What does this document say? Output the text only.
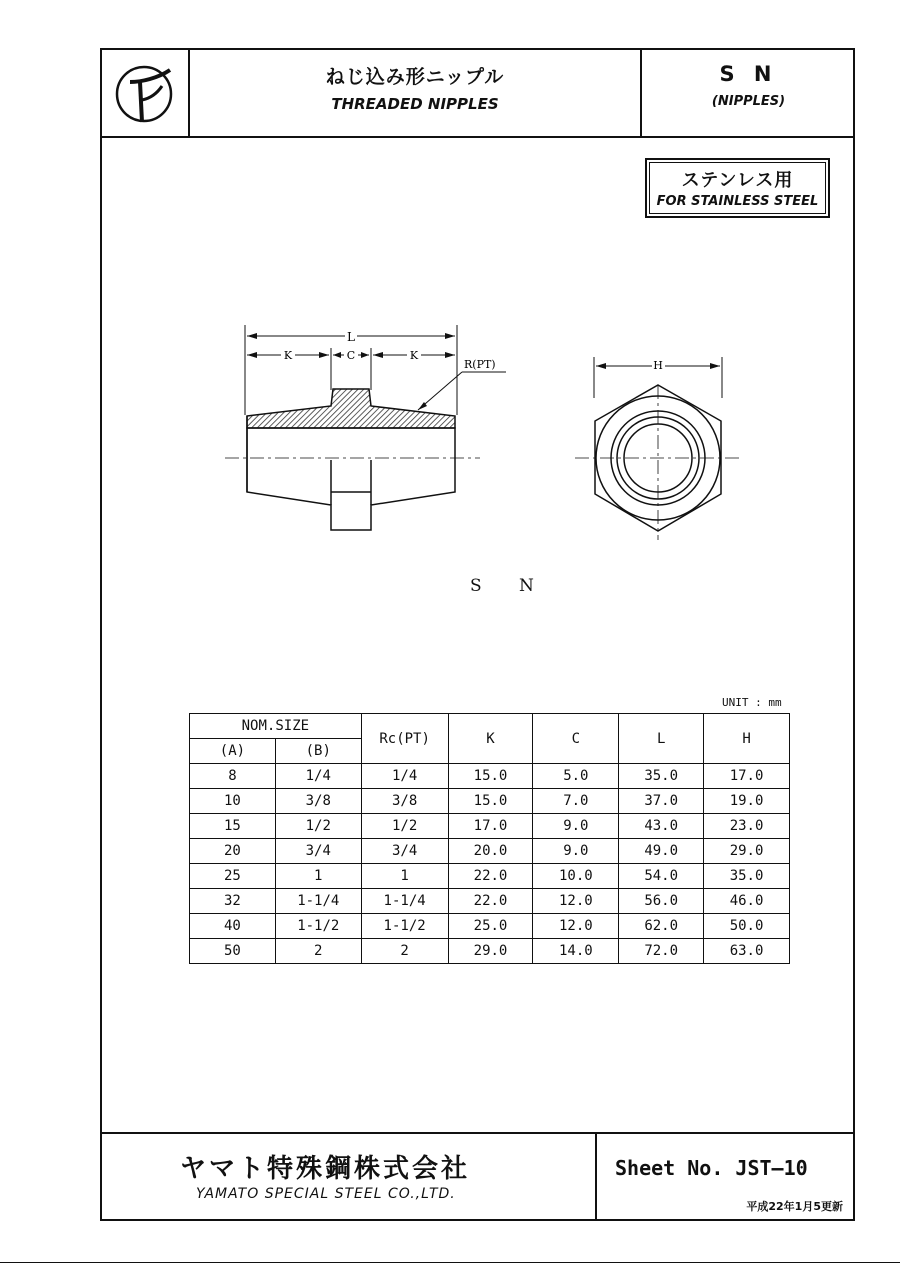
ねじ込み形ニップル
THREADED NIPPLES
S N
(NIPPLES)
ステンレス用
FOR STAINLESS STEEL
L
K	C	K
R(PT)	H
S N
UNIT : mm
NOM.SIZE		Rc(PT)	K	C	L	H
(A)	(B)					
8	1/4	1/4	15.0	5.0	35.0	17.0
10	3/8	3/8	15.0	7.0	37.0	19.0
15	1/2	1/2	17.0	9.0	43.0	23.0
20	3/4	3/4	20.0	9.0	49.0	29.0
25	1	1	22.0	10.0	54.0	35.0
32	1-1/4	1-1/4	22.0	12.0	56.0	46.0
40	1-1/2	1-1/2	25.0	12.0	62.0	50.0
50	2	2	29.0	14.0	72.0	63.0
ヤマト特殊鋼株式会社
YAMATO SPECIAL STEEL CO.,LTD.
Sheet No. JST—10
平成22年1月5更新
